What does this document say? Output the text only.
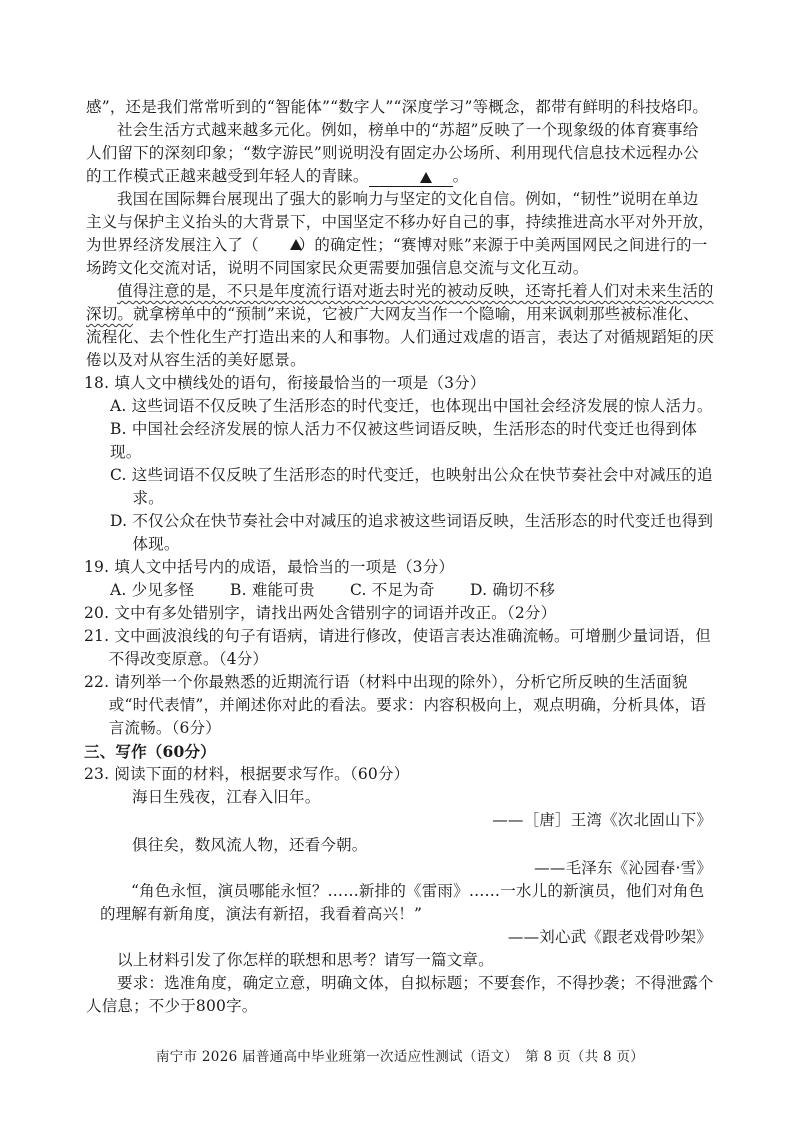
感”，还是我们常常听到的“智能体”“数字人”“深度学习”等概念，都带有鲜明的科技烙印。

社会生活方式越来越多元化。例如，榜单中的“苏超”反映了一个现象级的体育赛事给人们留下的深刻印象；“数字游民”则说明没有固定办公场所、利用现代信息技术远程办公的工作模式正越来越受到年轻人的青睐。	。

我国在国际舞台展现出了强大的影响力与坚定的文化自信。例如，“韧性”说明在单边主义与保护主义抬头的大背景下，中国坚定不移办好自己的事，持续推进高水平对外开放，为世界经济发展注入了（	）的确定性；“赛博对账”来源于中美两国网民之间进行的一场跨文化交流对话，说明不同国家民众更需要加强信息交流与文化互动。

值得注意的是，不只是年度流行语对逝去时光的被动反映，还寄托着人们对未来生活的深切。就拿榜单中的“预制”来说，它被广大网友当作一个隐喻，用来讽刺那些被标准化、流程化、去个性化生产打造出来的人和事物。人们通过戏虐的语言，表达了对循规蹈矩的厌倦以及对从容生活的美好愿景。

18. 填人文中横线处的语句，衔接最恰当的一项是（3分）

A. 这些词语不仅反映了生活形态的时代变迁，也体现出中国社会经济发展的惊人活力。

B. 中国社会经济发展的惊人活力不仅被这些词语反映，生活形态的时代变迁也得到体现。

C. 这些词语不仅反映了生活形态的时代变迁，也映射出公众在快节奏社会中对减压的追求。

D. 不仅公众在快节奏社会中对减压的追求被这些词语反映，生活形态的时代变迁也得到体现。

19. 填人文中括号内的成语，最恰当的一项是（3分）

A. 少见多怪	B. 难能可贵	C. 不足为奇	D. 确切不移

20. 文中有多处错别字，请找出两处含错别字的词语并改正。（2分）

21. 文中画波浪线的句子有语病，请进行修改，使语言表达准确流畅。可增删少量词语，但不得改变原意。（4分）

22. 请列举一个你最熟悉的近期流行语（材料中出现的除外），分析它所反映的生活面貌或“时代表情”，并阐述你对此的看法。要求：内容积极向上，观点明确，分析具体，语言流畅。（6分）

三、写作（60分）

23. 阅读下面的材料，根据要求写作。（60分）

海日生残夜，江春入旧年。

——［唐］王湾《次北固山下》

俱往矣，数风流人物，还看今朝。

——毛泽东《沁园春·雪》

“角色永恒，演员哪能永恒？……新排的《雷雨》……一水儿的新演员，他们对角色的理解有新角度，演法有新招，我看着高兴！”

——刘心武《跟老戏骨吵架》

以上材料引发了你怎样的联想和思考？请写一篇文章。

要求：选准角度，确定立意，明确文体，自拟标题；不要套作，不得抄袭；不得泄露个人信息；不少于800字。

南宁市 2026 届普通高中毕业班第一次适应性测试（语文）　第 8 页（共 8 页）
